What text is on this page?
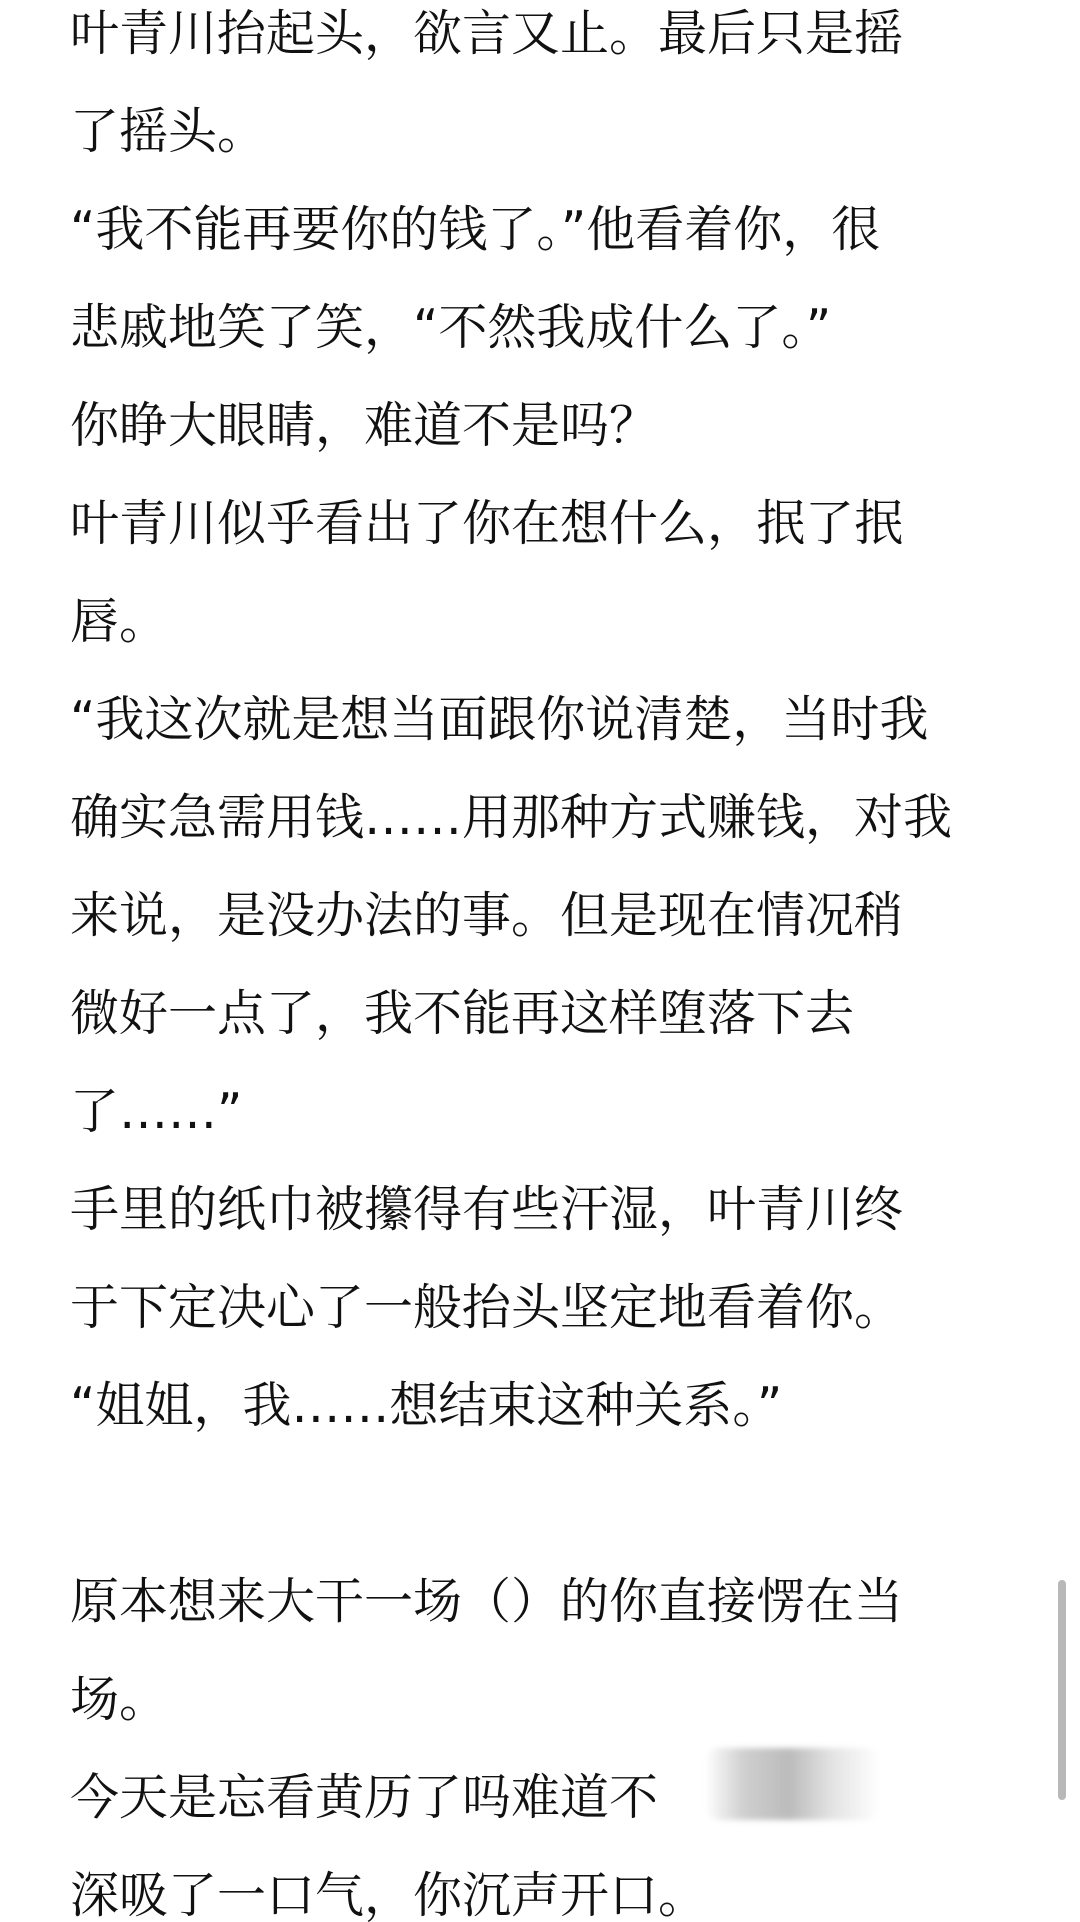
叶青川抬起头，欲言又止。最后只是摇
了摇头。
“我不能再要你的钱了。”他看着你，很
悲戚地笑了笑，“不然我成什么了。”
你睁大眼睛，难道不是吗？
叶青川似乎看出了你在想什么，抿了抿
唇。
“我这次就是想当面跟你说清楚，当时我
确实急需用钱……用那种方式赚钱，对我
来说，是没办法的事。但是现在情况稍
微好一点了，我不能再这样堕落下去
了……”
手里的纸巾被攥得有些汗湿，叶青川终
于下定决心了一般抬头坚定地看着你。
“姐姐，我……想结束这种关系。”
原本想来大干一场（）的你直接愣在当
场。
今天是忘看黄历了吗难道不
深吸了一口气，你沉声开口。
